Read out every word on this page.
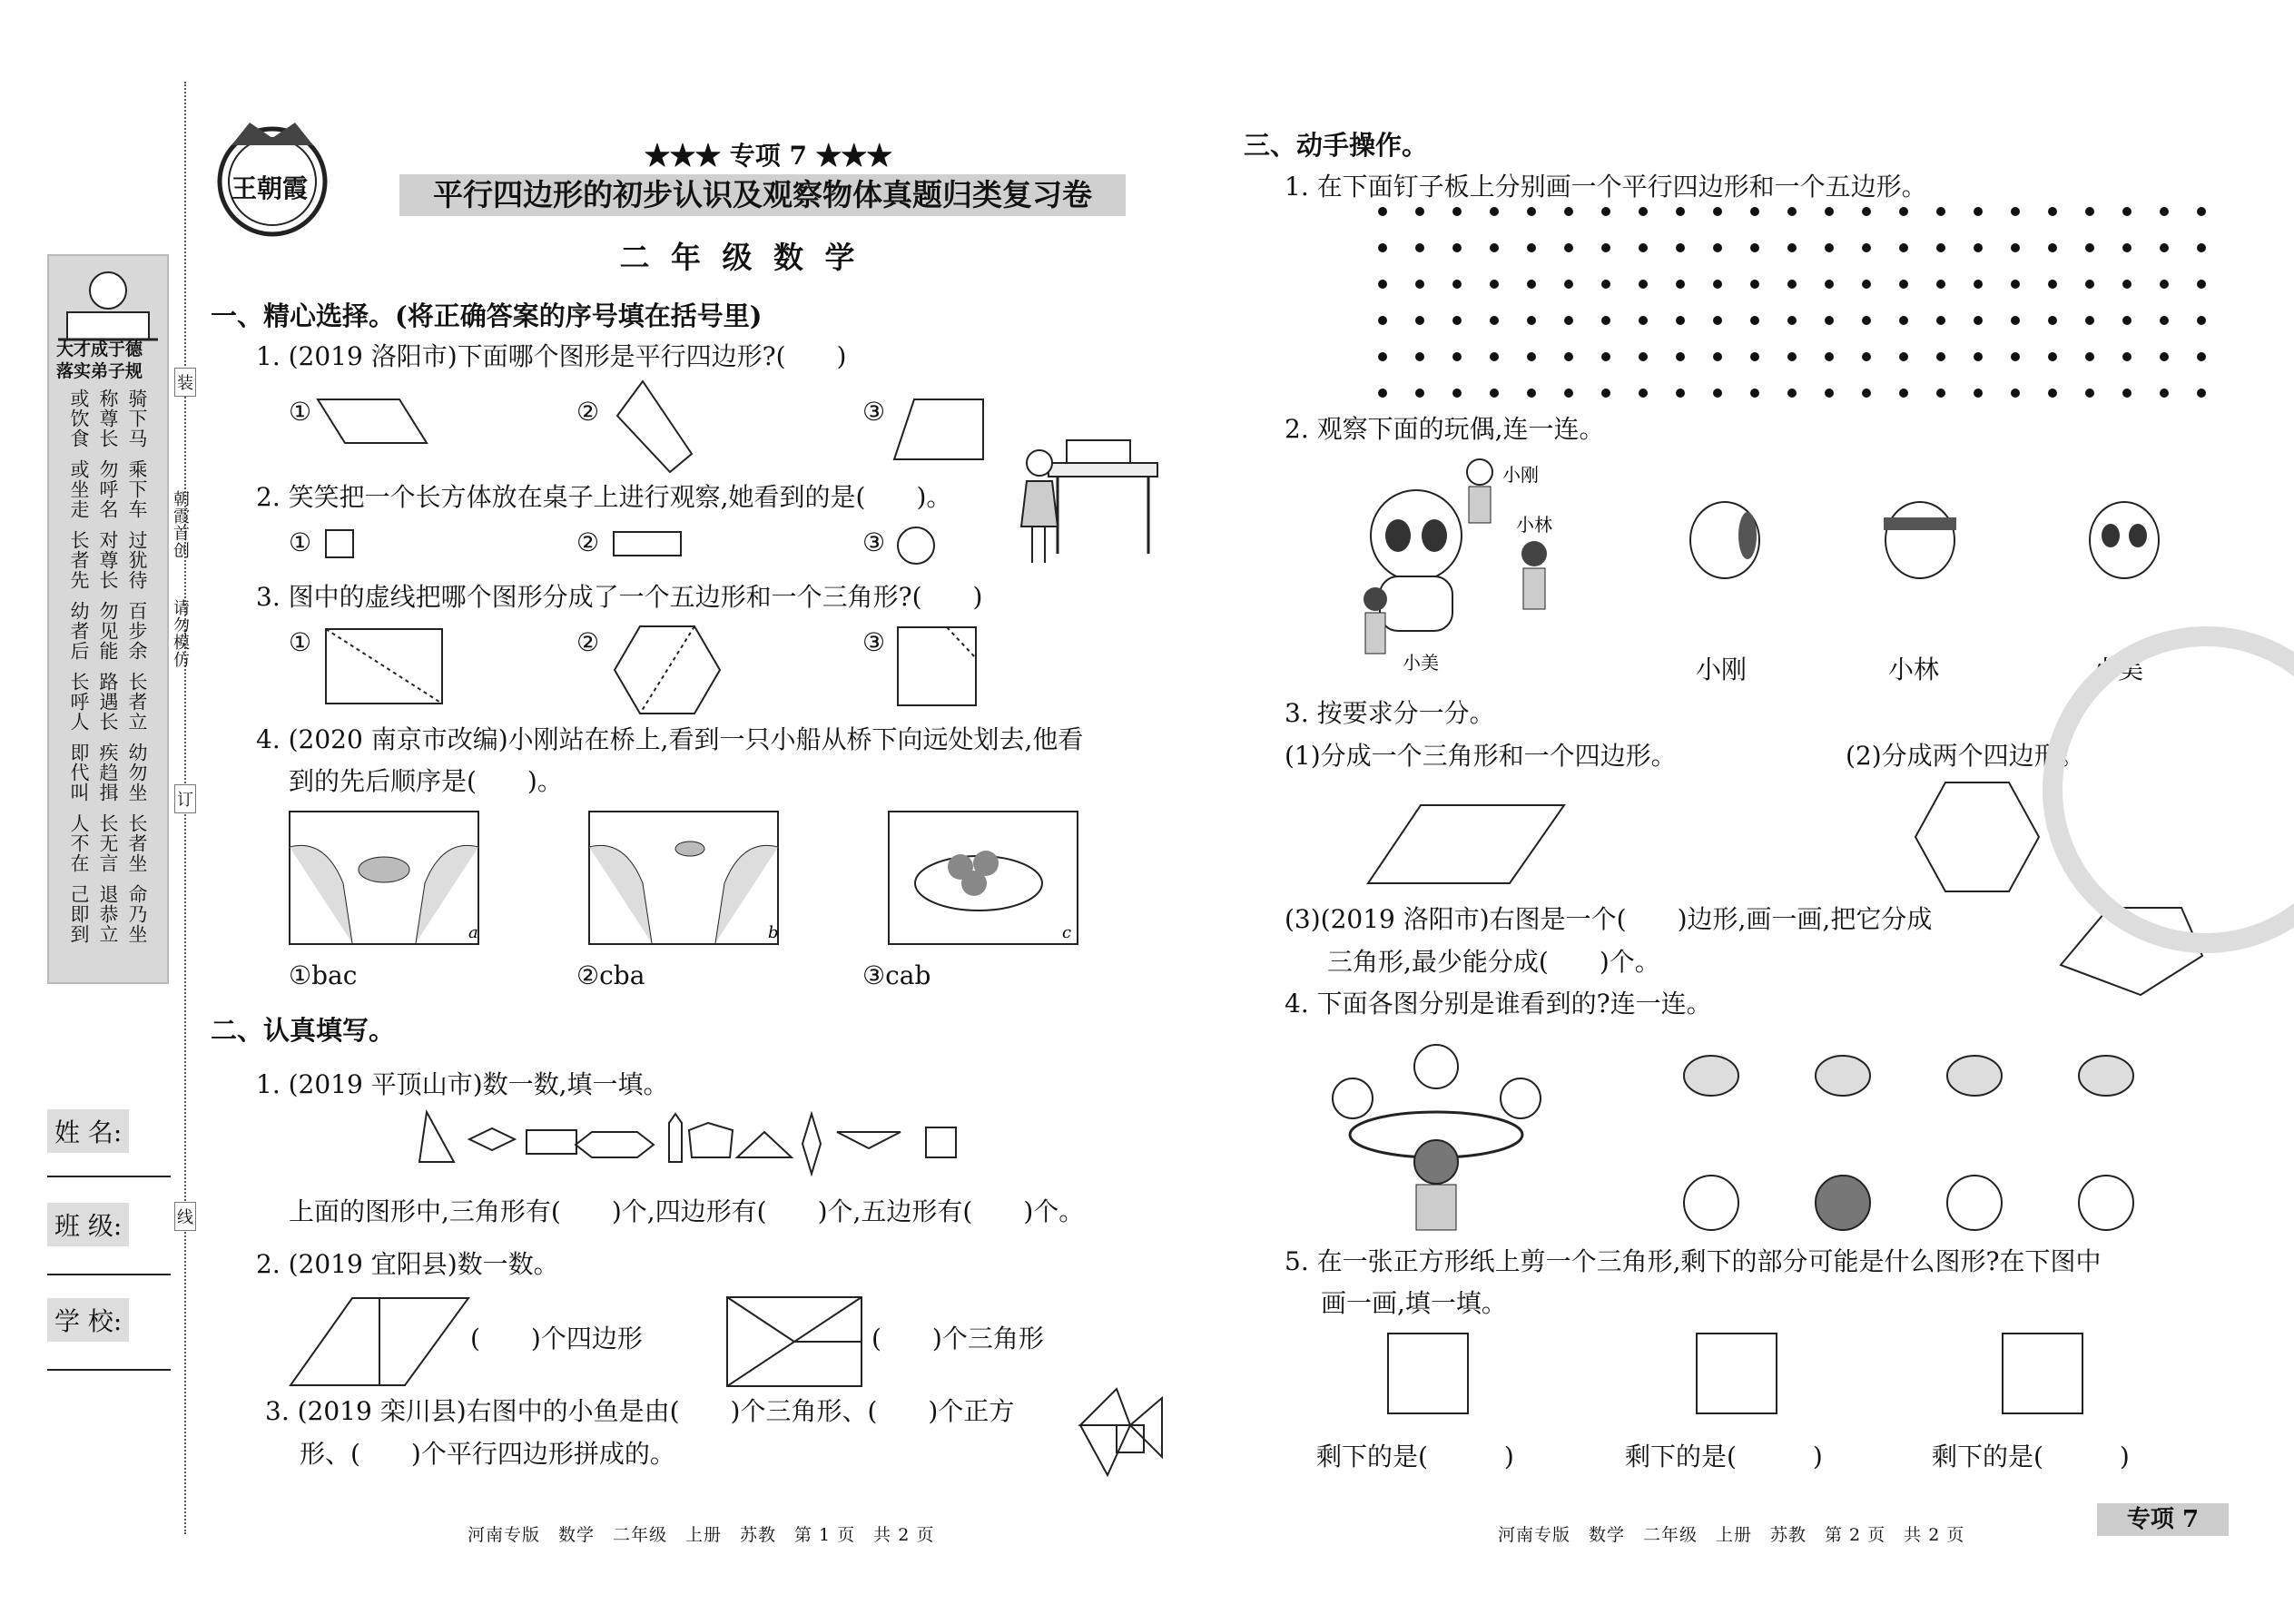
装
订
线
朝霞首创
请勿模仿
大才成于德
落实弟子规
骑下马
称尊长
或饮食
乘下车
勿呼名
或坐走
过犹待
对尊长
长者先
百步余
勿见能
幼者后
长者立
路遇长
长呼人
幼勿坐
疾趋揖
即代叫
长者坐
长无言
人不在
命乃坐
退恭立
己即到
姓 名:
班 级:
学 校:
王朝霞
★★★ 专项 7 ★★★
平行四边形的初步认识及观察物体真题归类复习卷
二 年 级 数 学
一、精心选择。(将正确答案的序号填在括号里)
1. (2019 洛阳市)下面哪个图形是平行四边形?(　　)
①	②	③
2. 笑笑把一个长方体放在桌子上进行观察,她看到的是(　　)。
①	②	③
3. 图中的虚线把哪个图形分成了一个五边形和一个三角形?(　　)
①	②	③
4. (2020 南京市改编)小刚站在桥上,看到一只小船从桥下向远处划去,他看
到的先后顺序是(　　)。
a	b	c
①bac	②cba	③cab
二、认真填写。
1. (2019 平顶山市)数一数,填一填。
上面的图形中,三角形有(　　)个,四边形有(　　)个,五边形有(　　)个。
2. (2019 宜阳县)数一数。
(　　)个四边形	(　　)个三角形
3. (2019 栾川县)右图中的小鱼是由(　　)个三角形、(　　)个正方
形、(　　)个平行四边形拼成的。
河南专版　数学　二年级　上册　苏教　第 1 页　共 2 页
三、动手操作。
1. 在下面钉子板上分别画一个平行四边形和一个五边形。
2. 观察下面的玩偶,连一连。
小刚
小林
小美	小刚	小林	小美
3. 按要求分一分。
(1)分成一个三角形和一个四边形。	(2)分成两个四边形。
(3)(2019 洛阳市)右图是一个(　　)边形,画一画,把它分成
三角形,最少能分成(　　)个。
4. 下面各图分别是谁看到的?连一连。
5. 在一张正方形纸上剪一个三角形,剩下的部分可能是什么图形?在下图中
画一画,填一填。
剩下的是(　　　)	剩下的是(　　　)	剩下的是(　　　)
河南专版　数学　二年级　上册　苏教　第 2 页　共 2 页
专项 7
